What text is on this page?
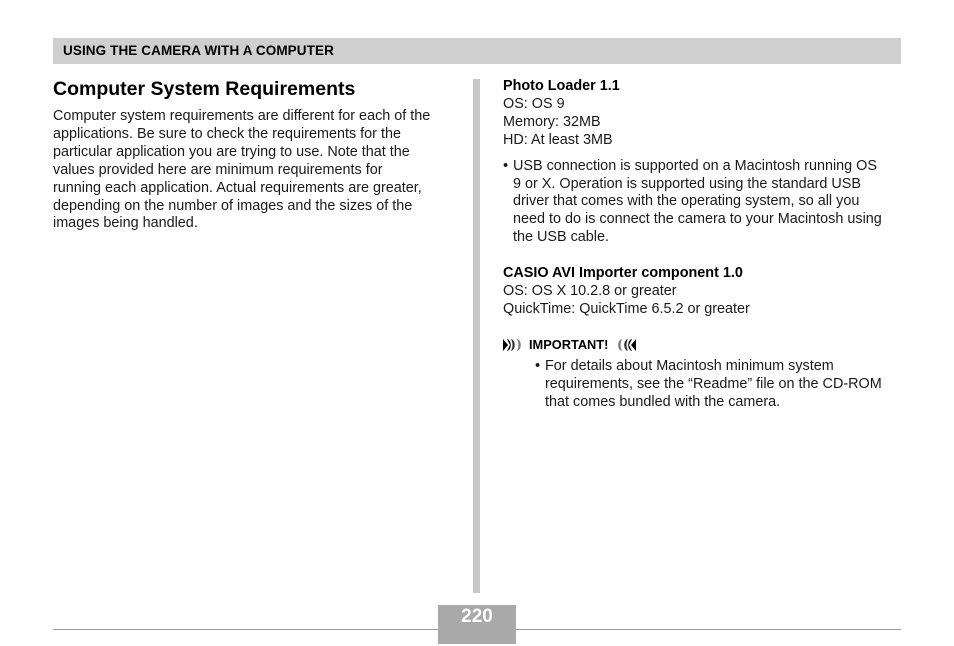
USING THE CAMERA WITH A COMPUTER
Computer System Requirements

Computer system requirements are different for each of the
applications. Be sure to check the requirements for the
particular application you are trying to use. Note that the
values provided here are minimum requirements for
running each application. Actual requirements are greater,
depending on the number of images and the sizes of the
images being handled.

Photo Loader 1.1
OS: OS 9
Memory: 32MB
HD: At least 3MB
• USB connection is supported on a Macintosh running OS
9 or X. Operation is supported using the standard USB
driver that comes with the operating system, so all you
need to do is connect the camera to your Macintosh using
the USB cable.
CASIO AVI Importer component 1.0
OS: OS X 10.2.8 or greater
QuickTime: QuickTime 6.5.2 or greater
IMPORTANT!
• For details about Macintosh minimum system
requirements, see the “Readme” file on the CD-ROM
that comes bundled with the camera.
220
